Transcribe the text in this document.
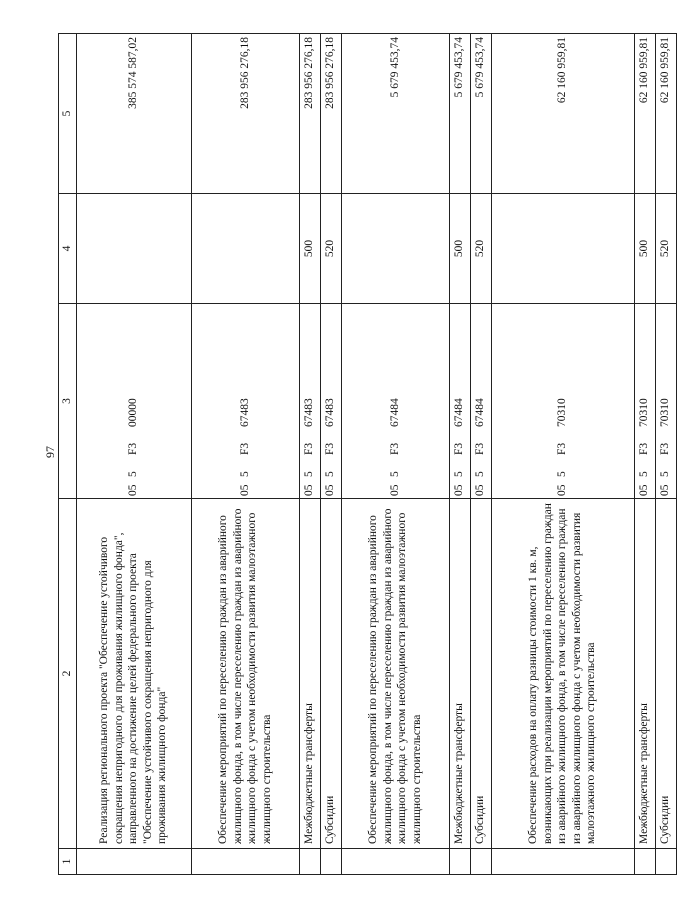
97
1	2	3	4	5
	Реализация регионального проекта "Обеспечение устойчивого сокращения непригодного для проживания жилищного фонда", направленного на достижение целей федерального проекта "Обеспечение устойчивого сокращения непригодного для проживания жилищного фонда"	055F300000		385 574 587,02
	Обеспечение мероприятий по переселению граждан из аварийного жилищного фонда, в том числе переселению граждан из аварийного жилищного фонда с учетом необходимости развития малоэтажного жилищного строительства	055F367483		283 956 276,18
	Межбюджетные трансферты	055F367483	500	283 956 276,18
	Субсидии	055F367483	520	283 956 276,18
	Обеспечение мероприятий по переселению граждан из аварийного жилищного фонда, в том числе переселению граждан из аварийного жилищного фонда с учетом необходимости развития малоэтажного жилищного строительства	055F367484		5 679 453,74
	Межбюджетные трансферты	055F367484	500	5 679 453,74
	Субсидии	055F367484	520	5 679 453,74
	Обеспечение расходов на оплату разницы стоимости 1 кв. м, возникающих при реализации мероприятий по переселению граждан из аварийного жилищного фонда, в том числе переселению граждан из аварийного жилищного фонда с учетом необходимости развития малоэтажного жилищного строительства	055F370310		62 160 959,81
	Межбюджетные трансферты	055F370310	500	62 160 959,81
	Субсидии	055F370310	520	62 160 959,81
